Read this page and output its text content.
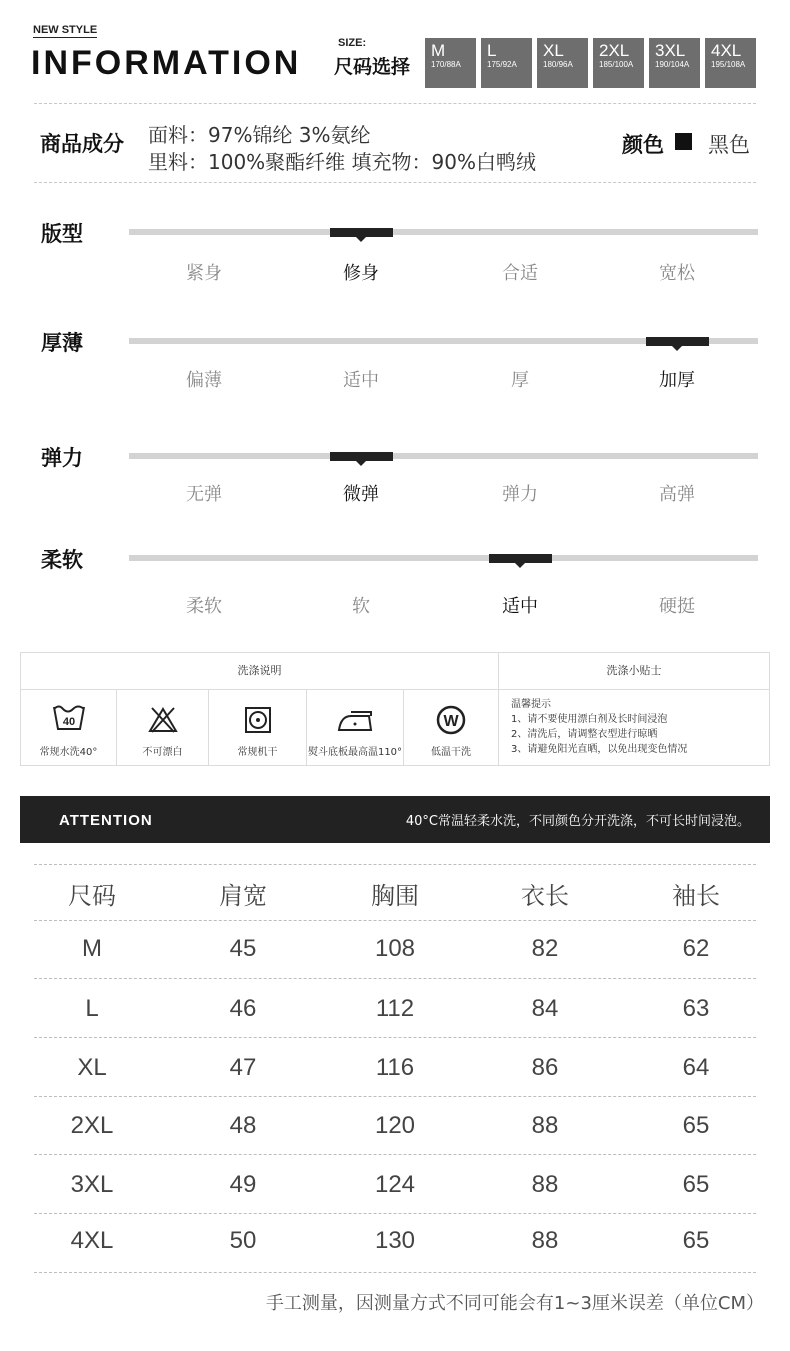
NEW STYLE
INFORMATION
SIZE:
尺码选择
M
170/88A
L
175/92A
XL
180/96A
2XL
185/100A
3XL
190/104A
4XL
195/108A
商品成分 面料：97%锦纶 3%氨纶
里料：100%聚酯纤维 填充物：90%白鸭绒
颜色 黑色
版型
紧身	修身	合适	宽松
厚薄
偏薄	适中	厚	加厚
弹力
无弹	微弹	弹力	高弹
柔软
柔软	软	适中	硬挺
洗涤说明	洗涤小贴士
40
常规水洗40°	不可漂白	常规机干	熨斗底板最高温110°
W
低温干洗
温馨提示
1、请不要使用漂白剂及长时间浸泡
2、清洗后，请调整衣型进行晾晒
3、请避免阳光直晒，以免出现变色情况
ATTENTION	40°C常温轻柔水洗，不同颜色分开洗涤，不可长时间浸泡。
尺码	肩宽	胸围	衣长	袖长
M	45	108	82	62
L	46	112	84	63
XL	47	116	86	64
2XL	48	120	88	65
3XL	49	124	88	65
4XL	50	130	88	65
手工测量，因测量方式不同可能会有1~3厘米误差（单位CM）
